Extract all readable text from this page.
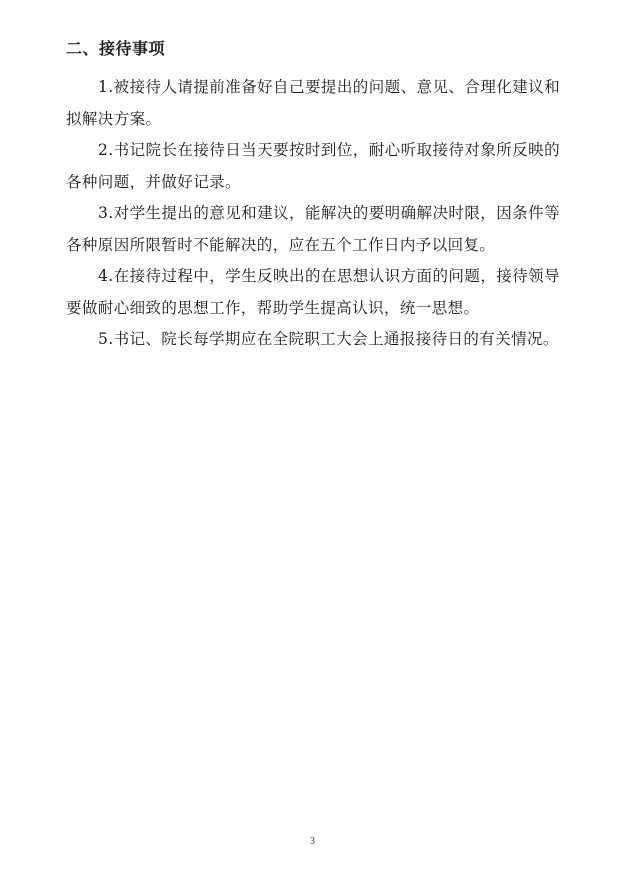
二、接待事项

1.被接待人请提前准备好自己要提出的问题、意见、合理化建议和拟解决方案。

2.书记院长在接待日当天要按时到位，耐心听取接待对象所反映的各种问题，并做好记录。

3.对学生提出的意见和建议，能解决的要明确解决时限，因条件等各种原因所限暂时不能解决的，应在五个工作日内予以回复。

4.在接待过程中，学生反映出的在思想认识方面的问题，接待领导要做耐心细致的思想工作，帮助学生提高认识，统一思想。

5.书记、院长每学期应在全院职工大会上通报接待日的有关情况。

3
